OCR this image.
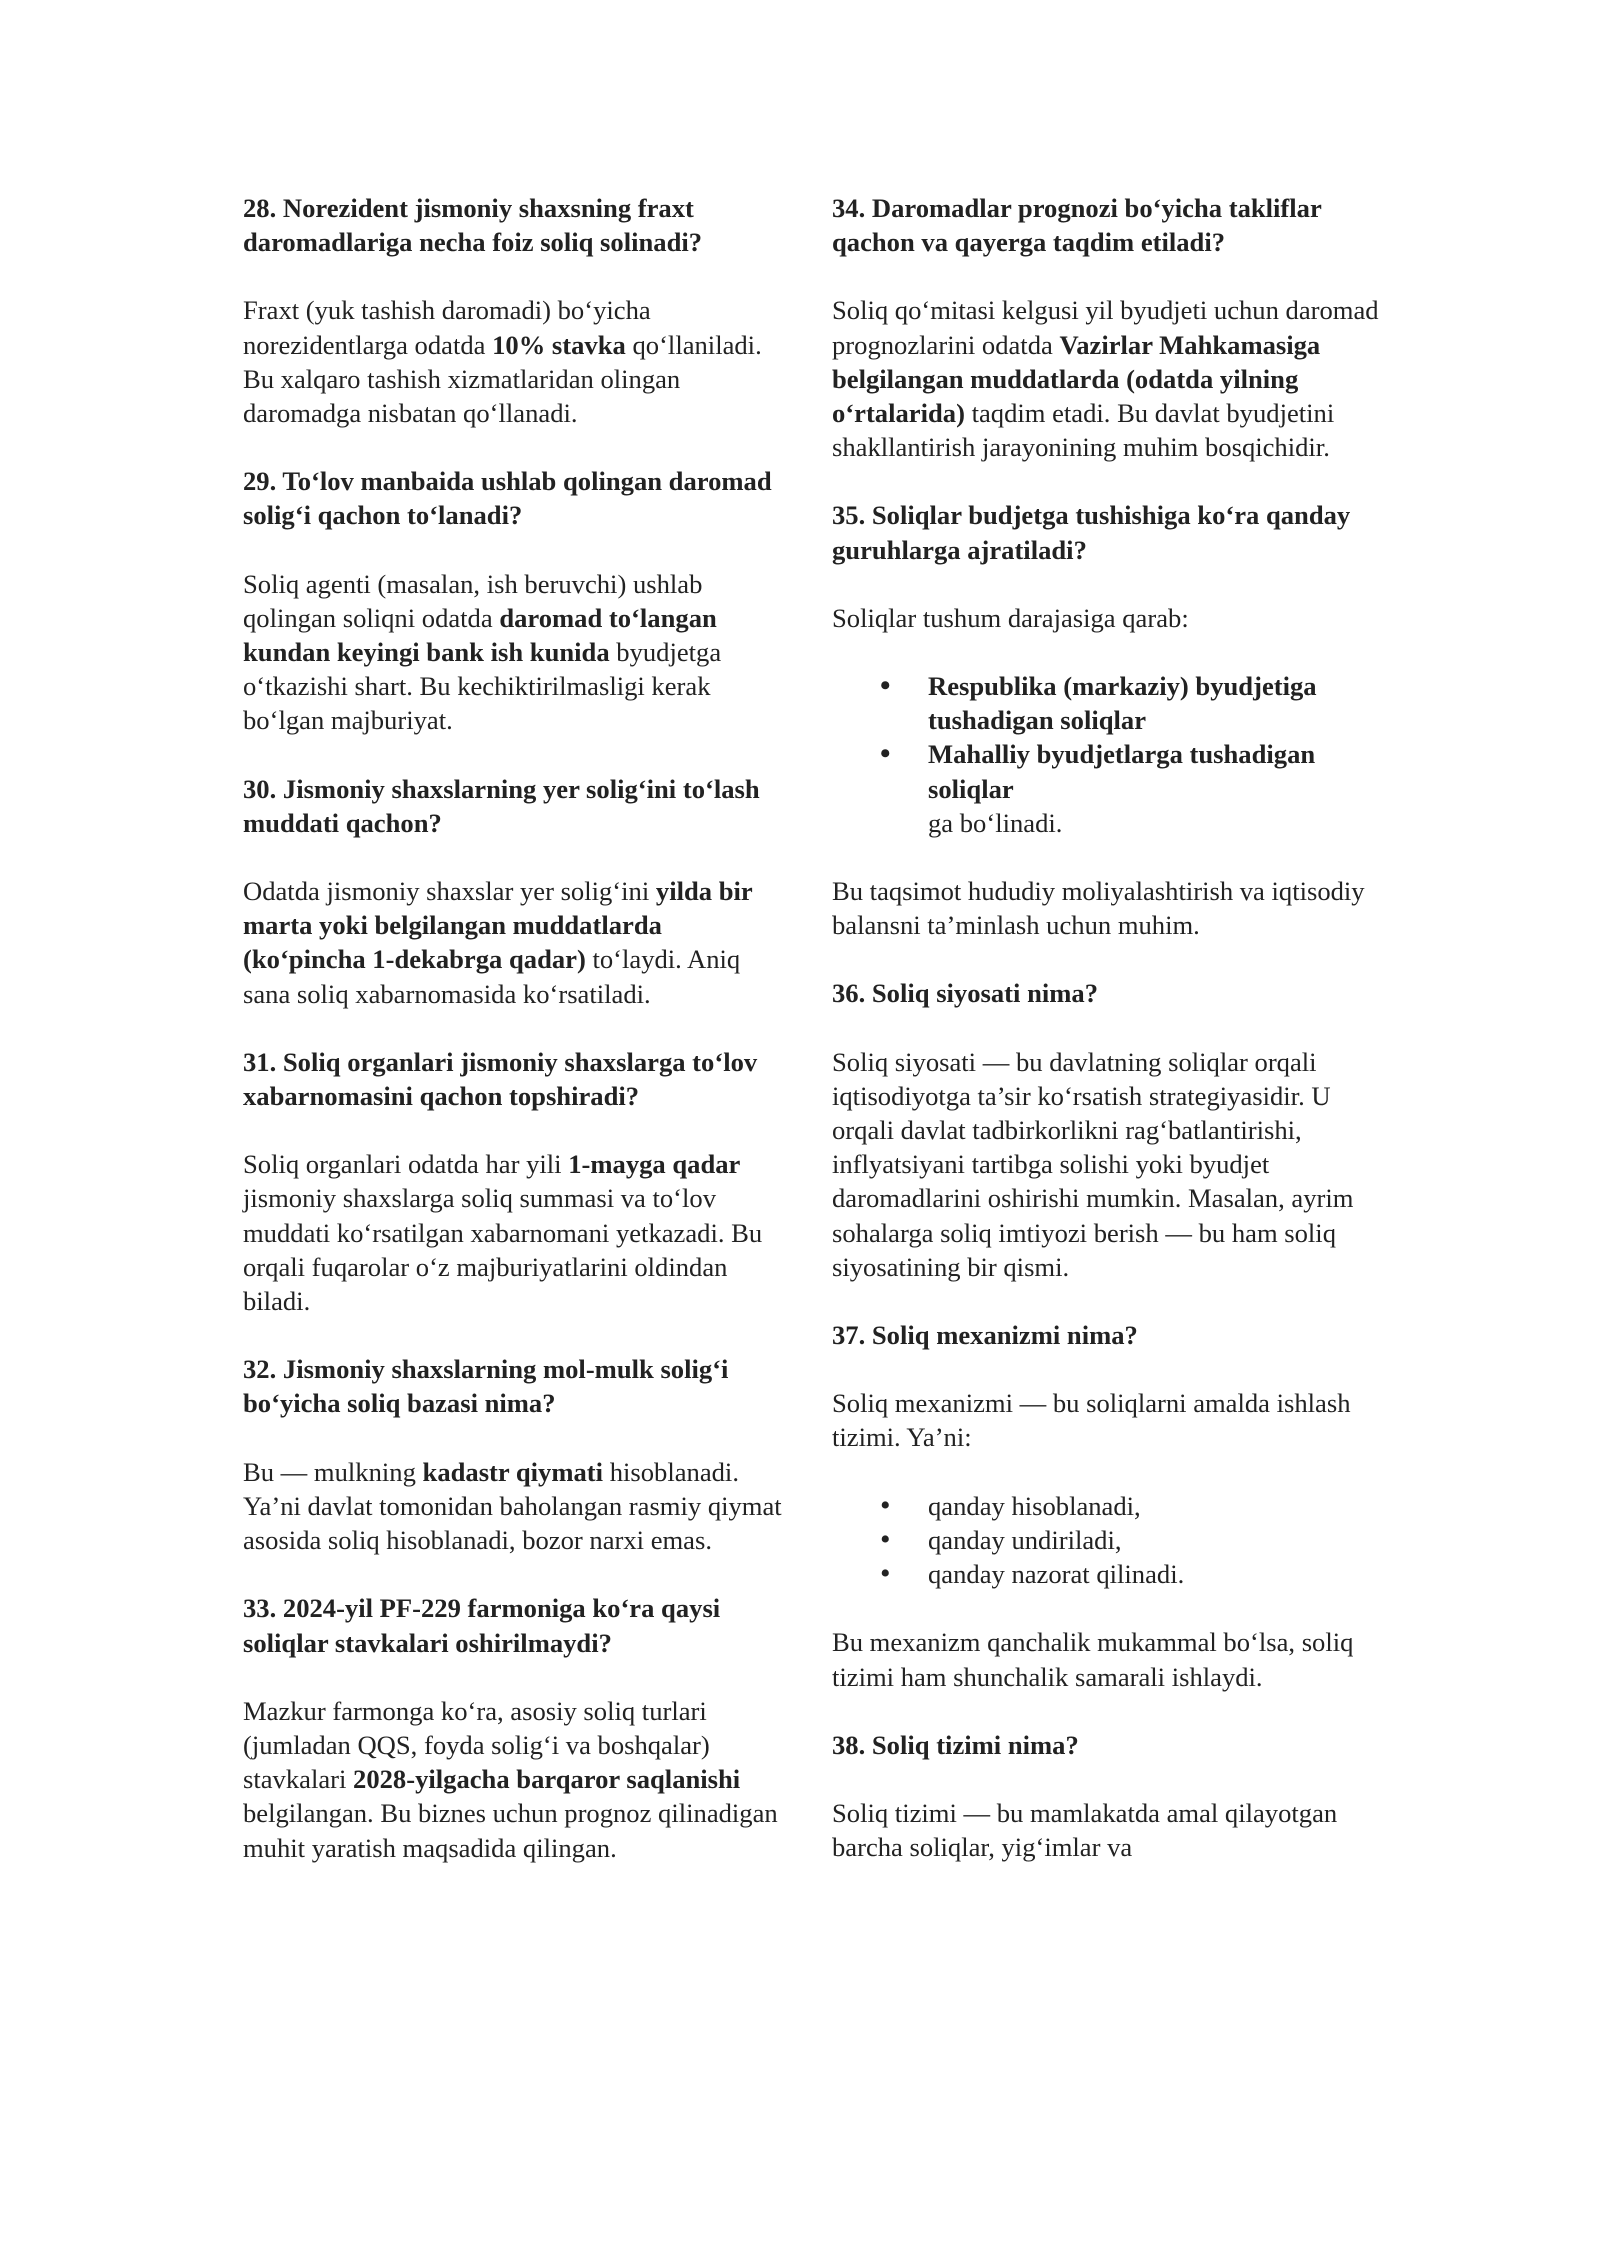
28. Norezident jismoniy shaxsning fraxt daromadlariga necha foiz soliq solinadi?

Fraxt (yuk tashish daromadi) bo‘yicha norezidentlarga odatda 10% stavka qo‘llaniladi. Bu xalqaro tashish xizmatlaridan olingan daromadga nisbatan qo‘llanadi.

29. To‘lov manbaida ushlab qolingan daromad solig‘i qachon to‘lanadi?

Soliq agenti (masalan, ish beruvchi) ushlab qolingan soliqni odatda daromad to‘langan kundan keyingi bank ish kunida byudjetga o‘tkazishi shart. Bu kechiktirilmasligi kerak bo‘lgan majburiyat.

30. Jismoniy shaxslarning yer solig‘ini to‘lash muddati qachon?

Odatda jismoniy shaxslar yer solig‘ini yilda bir marta yoki belgilangan muddatlarda (ko‘pincha 1-dekabrga qadar) to‘laydi. Aniq sana soliq xabarnomasida ko‘rsatiladi.

31. Soliq organlari jismoniy shaxslarga to‘lov xabarnomasini qachon topshiradi?

Soliq organlari odatda har yili 1-mayga qadar jismoniy shaxslarga soliq summasi va to‘lov muddati ko‘rsatilgan xabarnomani yetkazadi. Bu orqali fuqarolar o‘z majburiyatlarini oldindan biladi.

32. Jismoniy shaxslarning mol-mulk solig‘i bo‘yicha soliq bazasi nima?

Bu — mulkning kadastr qiymati hisoblanadi. Ya’ni davlat tomonidan baholangan rasmiy qiymat asosida soliq hisoblanadi, bozor narxi emas.

33. 2024-yil PF-229 farmoniga ko‘ra qaysi soliqlar stavkalari oshirilmaydi?

Mazkur farmonga ko‘ra, asosiy soliq turlari (jumladan QQS, foyda solig‘i va boshqalar) stavkalari 2028-yilgacha barqaror saqlanishi belgilangan. Bu biznes uchun prognoz qilinadigan muhit yaratish maqsadida qilingan.

34. Daromadlar prognozi bo‘yicha takliflar qachon va qayerga taqdim etiladi?

Soliq qo‘mitasi kelgusi yil byudjeti uchun daromad prognozlarini odatda Vazirlar Mahkamasiga belgilangan muddatlarda (odatda yilning o‘rtalarida) taqdim etadi. Bu davlat byudjetini shakllantirish jarayonining muhim bosqichidir.

35. Soliqlar budjetga tushishiga ko‘ra qanday guruhlarga ajratiladi?

Soliqlar tushum darajasiga qarab:

• Respublika (markaziy) byudjetiga tushadigan soliqlar
• Mahalliy byudjetlarga tushadigan soliqlar

ga bo‘linadi.

Bu taqsimot hududiy moliyalashtirish va iqtisodiy balansni ta’minlash uchun muhim.

36. Soliq siyosati nima?

Soliq siyosati — bu davlatning soliqlar orqali iqtisodiyotga ta’sir ko‘rsatish strategiyasidir. U orqali davlat tadbirkorlikni rag‘batlantirishi, inflyatsiyani tartibga solishi yoki byudjet daromadlarini oshirishi mumkin. Masalan, ayrim sohalarga soliq imtiyozi berish — bu ham soliq siyosatining bir qismi.

37. Soliq mexanizmi nima?

Soliq mexanizmi — bu soliqlarni amalda ishlash tizimi. Ya’ni:

• qanday hisoblanadi,
• qanday undiriladi,
• qanday nazorat qilinadi.

Bu mexanizm qanchalik mukammal bo‘lsa, soliq tizimi ham shunchalik samarali ishlaydi.

38. Soliq tizimi nima?

Soliq tizimi — bu mamlakatda amal qilayotgan barcha soliqlar, yig‘imlar va
